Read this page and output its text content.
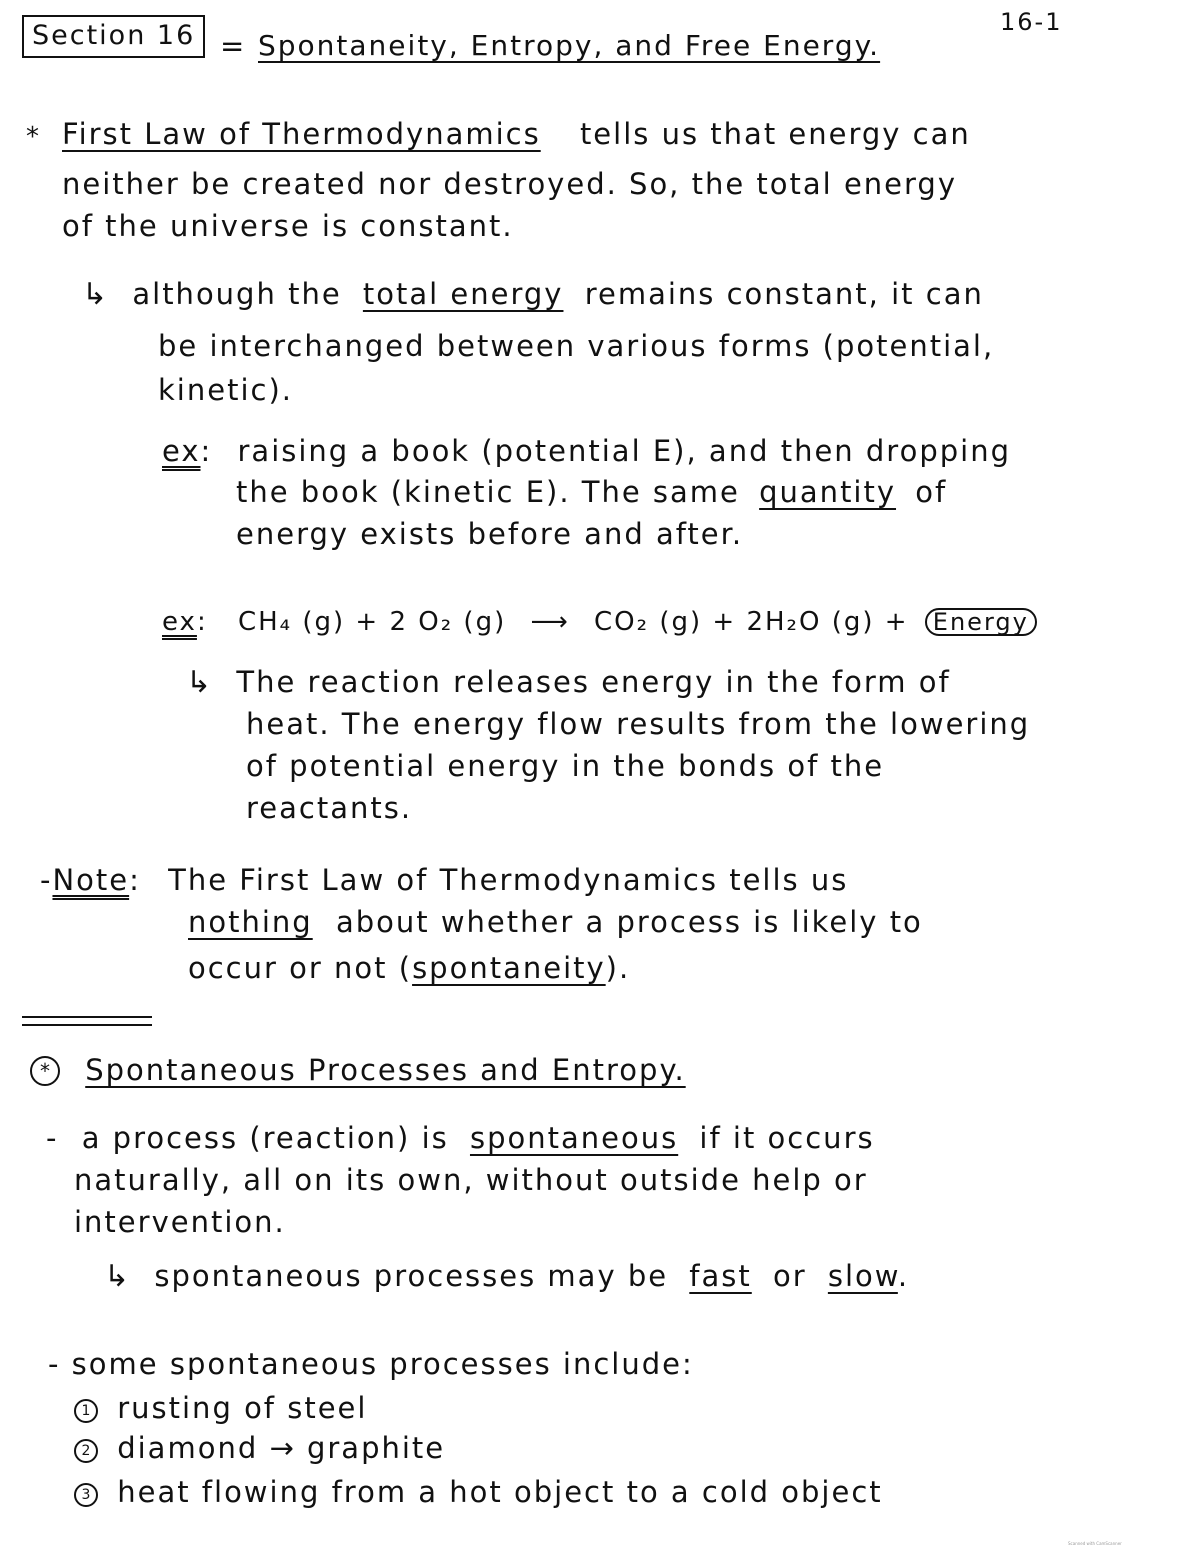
Section 16 = Spontaneity, Entropy, and Free Energy.
16-1
* First Law of Thermodynamics tells us that energy can
neither be created nor destroyed. So, the total energy
of the universe is constant.
↳ although the total energy remains constant, it can
be interchanged between various forms (potential,
kinetic).
ex: raising a book (potential E), and then dropping
the book (kinetic E). The same quantity of
energy exists before and after.
ex: CH₄ (g) + 2 O₂ (g) ⟶ CO₂ (g) + 2H₂O (g) + Energy
↳ The reaction releases energy in the form of
heat. The energy flow results from the lowering
of potential energy in the bonds of the
reactants.
-Note: The First Law of Thermodynamics tells us
nothing about whether a process is likely to
occur or not (spontaneity).
* Spontaneous Processes and Entropy.
- a process (reaction) is spontaneous if it occurs
naturally, all on its own, without outside help or
intervention.
↳ spontaneous processes may be fast or slow.
- some spontaneous processes include:
1 rusting of steel
2 diamond → graphite
3 heat flowing from a hot object to a cold object
Scanned with CamScanner
